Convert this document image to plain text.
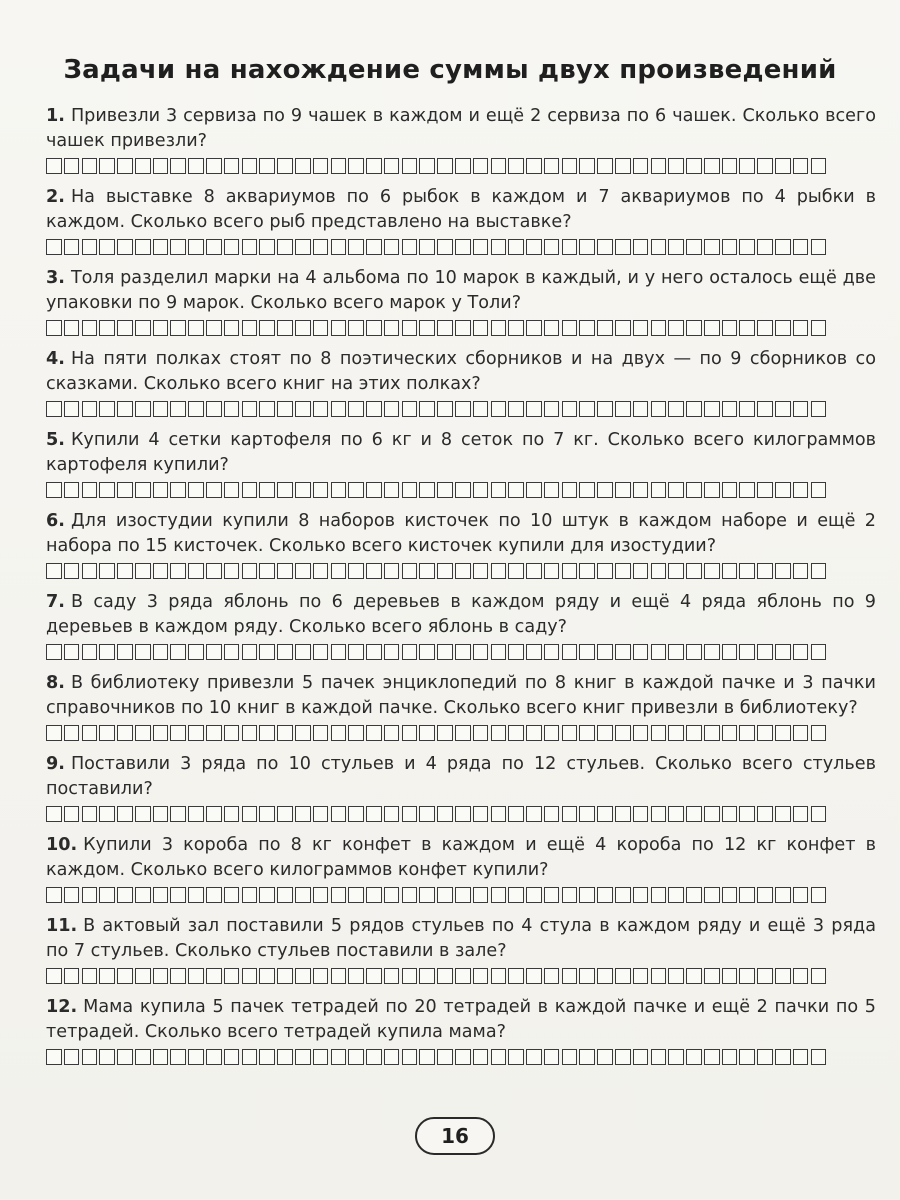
Задачи на нахождение суммы двух произведений

1. Привезли 3 сервиза по 9 чашек в каждом и ещё 2 сервиза по 6 чашек. Сколько всего чашек привезли?

2. На выставке 8 аквариумов по 6 рыбок в каждом и 7 аквариумов по 4 рыбки в каждом. Сколько всего рыб представлено на выставке?

3. Толя разделил марки на 4 альбома по 10 марок в каждый, и у него осталось ещё две упаковки по 9 марок. Сколько всего марок у Толи?

4. На пяти полках стоят по 8 поэтических сборников и на двух — по 9 сборников со сказками. Сколько всего книг на этих полках?

5. Купили 4 сетки картофеля по 6 кг и 8 сеток по 7 кг. Сколько всего килограммов картофеля купили?

6. Для изостудии купили 8 наборов кисточек по 10 штук в каждом наборе и ещё 2 набора по 15 кисточек. Сколько всего кисточек купили для изостудии?

7. В саду 3 ряда яблонь по 6 деревьев в каждом ряду и ещё 4 ряда яблонь по 9 деревьев в каждом ряду. Сколько всего яблонь в саду?

8. В библиотеку привезли 5 пачек энциклопедий по 8 книг в каждой пачке и 3 пачки справочников по 10 книг в каждой пачке. Сколько всего книг привезли в библиотеку?

9. Поставили 3 ряда по 10 стульев и 4 ряда по 12 стульев. Сколько всего стульев поставили?

10. Купили 3 короба по 8 кг конфет в каждом и ещё 4 короба по 12 кг конфет в каждом. Сколько всего килограммов конфет купили?

11. В актовый зал поставили 5 рядов стульев по 4 стула в каждом ряду и ещё 3 ряда по 7 стульев. Сколько стульев поставили в зале?

12. Мама купила 5 пачек тетрадей по 20 тетрадей в каждой пачке и ещё 2 пачки по 5 тетрадей. Сколько всего тетрадей купила мама?

16
